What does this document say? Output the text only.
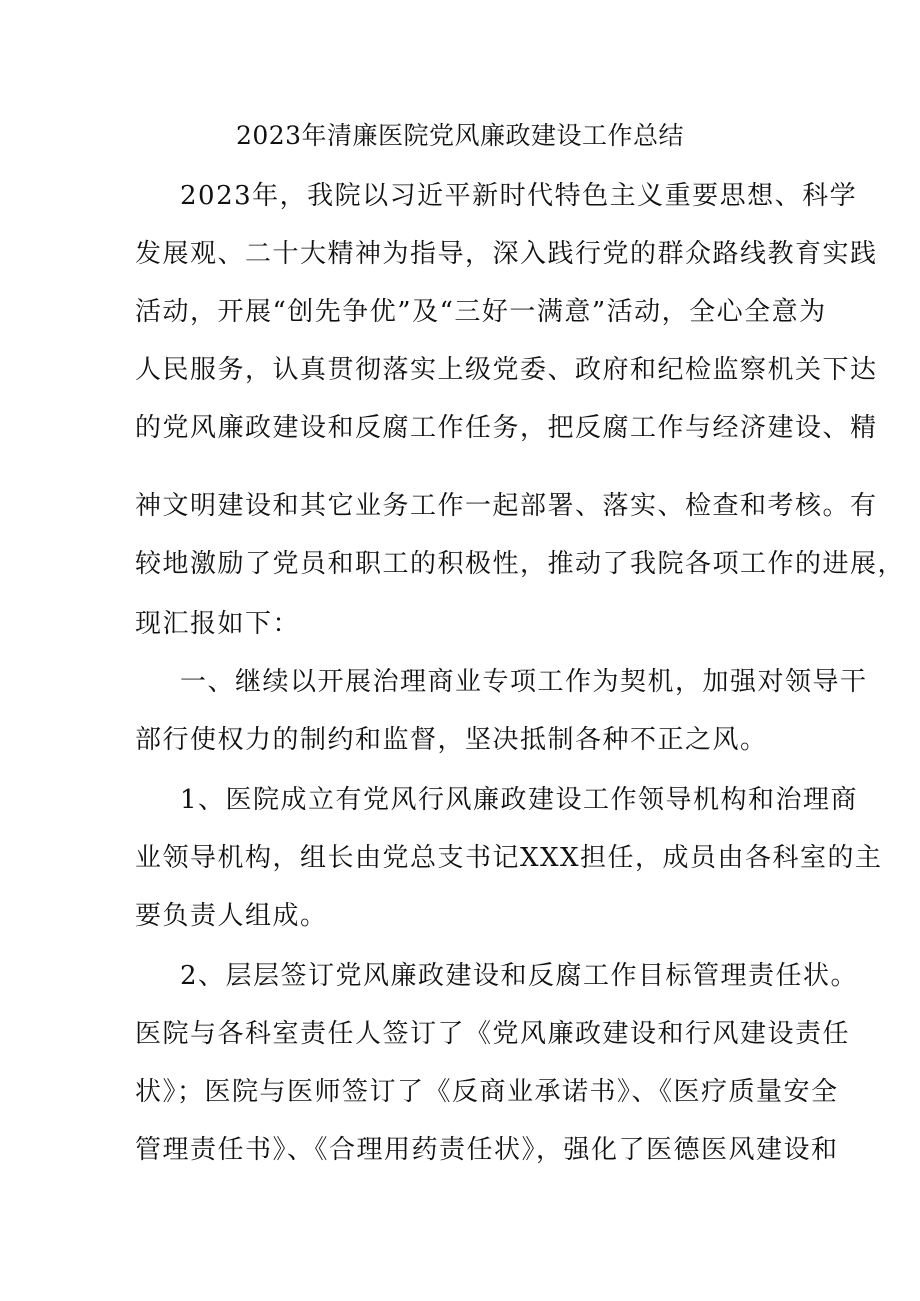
2023年清廉医院党风廉政建设工作总结
2023年，我院以习近平新时代特色主义重要思想、科学
发展观、二十大精神为指导，深入践行党的群众路线教育实践
活动，开展“创先争优”及“三好一满意”活动，全心全意为
人民服务，认真贯彻落实上级党委、政府和纪检监察机关下达
的党风廉政建设和反腐工作任务，把反腐工作与经济建设、精
神文明建设和其它业务工作一起部署、落实、检查和考核。有
较地激励了党员和职工的积极性，推动了我院各项工作的进展，
现汇报如下：
一、继续以开展治理商业专项工作为契机，加强对领导干
部行使权力的制约和监督，坚决抵制各种不正之风。
1、医院成立有党风行风廉政建设工作领导机构和治理商
业领导机构，组长由党总支书记XXX担任，成员由各科室的主
要负责人组成。
2、层层签订党风廉政建设和反腐工作目标管理责任状。
医院与各科室责任人签订了《党风廉政建设和行风建设责任
状》；医院与医师签订了《反商业承诺书》、《医疗质量安全
管理责任书》、《合理用药责任状》，强化了医德医风建设和
